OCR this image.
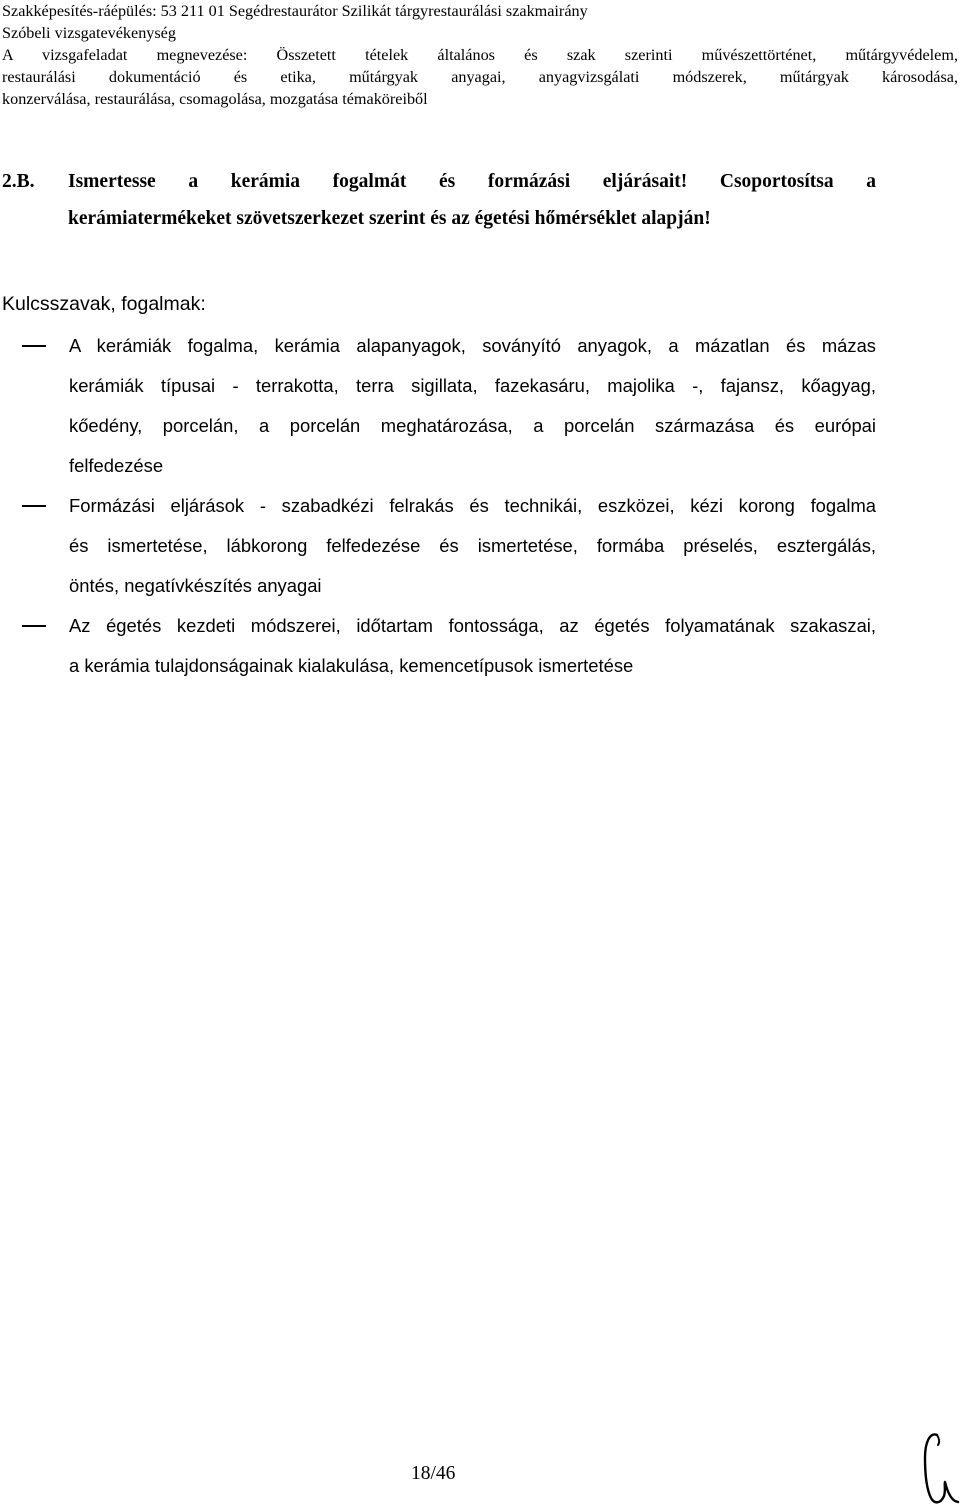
Szakképesítés-ráépülés: 53 211 01 Segédrestaurátor Szilikát tárgyrestaurálási szakmairány
Szóbeli vizsgatevékenység
A vizsgafeladat megnevezése: Összetett tételek általános és szak szerinti művészettörténet, műtárgyvédelem,
restaurálási dokumentáció és etika, műtárgyak anyagai, anyagvizsgálati módszerek, műtárgyak károsodása,
konzerválása, restaurálása, csomagolása, mozgatása témaköreiből
2.B. Ismertesse a kerámia fogalmát és formázási eljárásait! Csoportosítsa a
kerámiatermékeket szövetszerkezet szerint és az égetési hőmérséklet alapján!
Kulcsszavak, fogalmak:
A kerámiák fogalma, kerámia alapanyagok, soványító anyagok, a mázatlan és mázas
kerámiák típusai - terrakotta, terra sigillata, fazekasáru, majolika -, fajansz, kőagyag,
kőedény, porcelán, a porcelán meghatározása, a porcelán származása és európai
felfedezése
Formázási eljárások - szabadkézi felrakás és technikái, eszközei, kézi korong fogalma
és ismertetése, lábkorong felfedezése és ismertetése, formába préselés, esztergálás,
öntés, negatívkészítés anyagai
Az égetés kezdeti módszerei, időtartam fontossága, az égetés folyamatának szakaszai,
a kerámia tulajdonságainak kialakulása, kemencetípusok ismertetése
18/46
